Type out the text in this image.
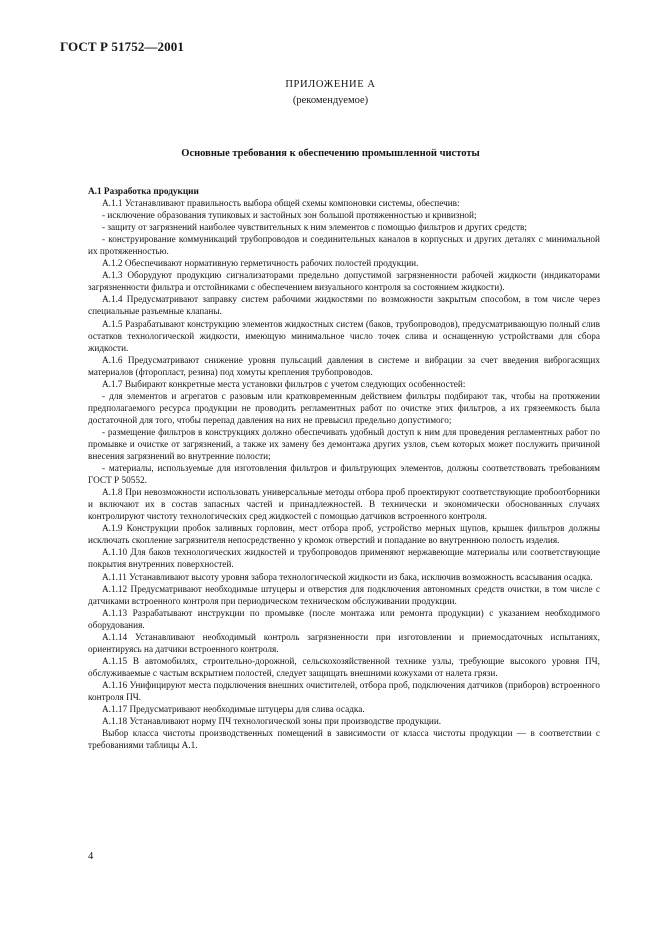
ГОСТ Р 51752—2001
ПРИЛОЖЕНИЕ А
(рекомендуемое)
Основные требования к обеспечению промышленной чистоты

А.1 Разработка продукции

А.1.1 Устанавливают правильность выбора общей схемы компоновки системы, обеспечив:

- исключение образования тупиковых и застойных зон большой протяженностью и кривизной;

- защиту от загрязнений наиболее чувствительных к ним элементов с помощью фильтров и других средств;

- конструирование коммуникаций трубопроводов и соединительных каналов в корпусных и других деталях с минимальной их протяженностью.

А.1.2 Обеспечивают нормативную герметичность рабочих полостей продукции.

А.1.3 Оборудуют продукцию сигнализаторами предельно допустимой загрязненности рабочей жидкости (индикаторами загрязненности фильтра и отстойниками с обеспечением визуального контроля за состоянием жидкости).

А.1.4 Предусматривают заправку систем рабочими жидкостями по возможности закрытым способом, в том числе через специальные разъемные клапаны.

А.1.5 Разрабатывают конструкцию элементов жидкостных систем (баков, трубопроводов), предусматривающую полный слив остатков технологической жидкости, имеющую минимальное число точек слива и оснащенную устройствами для сбора жидкости.

А.1.6 Предусматривают снижение уровня пульсаций давления в системе и вибрации за счет введения виброгасящих материалов (фторопласт, резина) под хомуты крепления трубопроводов.

А.1.7 Выбирают конкретные места установки фильтров с учетом следующих особенностей:

- для элементов и агрегатов с разовым или кратковременным действием фильтры подбирают так, чтобы на протяжении предполагаемого ресурса продукции не проводить регламентных работ по очистке этих фильтров, а их грязеемкость была достаточной для того, чтобы перепад давления на них не превысил предельно допустимого;

- размещение фильтров в конструкциях должно обеспечивать удобный доступ к ним для проведения регламентных работ по промывке и очистке от загрязнений, а также их замену без демонтажа других узлов, съем которых может послужить причиной внесения загрязнений во внутренние полости;

- материалы, используемые для изготовления фильтров и фильтрующих элементов, должны соответствовать требованиям ГОСТ Р 50552.

А.1.8 При невозможности использовать универсальные методы отбора проб проектируют соответствующие пробоотборники и включают их в состав запасных частей и принадлежностей. В технически и экономически обоснованных случаях контролируют чистоту технологических сред жидкостей с помощью датчиков встроенного контроля.

А.1.9 Конструкции пробок заливных горловин, мест отбора проб, устройство мерных щупов, крышек фильтров должны исключать скопление загрязнителя непосредственно у кромок отверстий и попадание во внутреннюю полость изделия.

А.1.10 Для баков технологических жидкостей и трубопроводов применяют нержавеющие материалы или соответствующие покрытия внутренних поверхностей.

А.1.11 Устанавливают высоту уровня забора технологической жидкости из бака, исключив возможность всасывания осадка.

А.1.12 Предусматривают необходимые штуцеры и отверстия для подключения автономных средств очистки, в том числе с датчиками встроенного контроля при периодическом техническом обслуживании продукции.

А.1.13 Разрабатывают инструкции по промывке (после монтажа или ремонта продукции) с указанием необходимого оборудования.

А.1.14 Устанавливают необходимый контроль загрязненности при изготовлении и приемосдаточных испытаниях, ориентируясь на датчики встроенного контроля.

А.1.15 В автомобилях, строительно-дорожной, сельскохозяйственной технике узлы, требующие высокого уровня ПЧ, обслуживаемые с частым вскрытием полостей, следует защищать внешними кожухами от налета грязи.

А.1.16 Унифицируют места подключения внешних очистителей, отбора проб, подключения датчиков (приборов) встроенного контроля ПЧ.

А.1.17 Предусматривают необходимые штуцеры для слива осадка.

А.1.18 Устанавливают норму ПЧ технологической зоны при производстве продукции.

Выбор класса чистоты производственных помещений в зависимости от класса чистоты продукции — в соответствии с требованиями таблицы А.1.

4
